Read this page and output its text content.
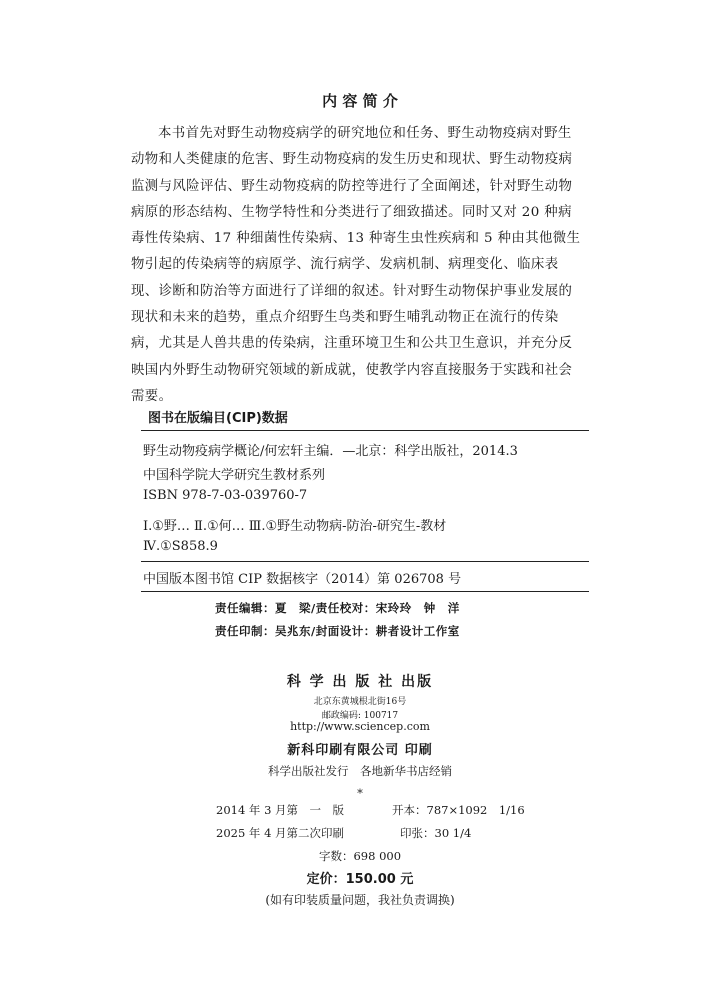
内 容 简 介
本书首先对野生动物疫病学的研究地位和任务、野生动物疫病对野生
动物和人类健康的危害、野生动物疫病的发生历史和现状、野生动物疫病
监测与风险评估、野生动物疫病的防控等进行了全面阐述，针对野生动物
病原的形态结构、生物学特性和分类进行了细致描述。同时又对 20 种病
毒性传染病、17 种细菌性传染病、13 种寄生虫性疾病和 5 种由其他微生
物引起的传染病等的病原学、流行病学、发病机制、病理变化、临床表
现、诊断和防治等方面进行了详细的叙述。针对野生动物保护事业发展的
现状和未来的趋势，重点介绍野生鸟类和野生哺乳动物正在流行的传染
病，尤其是人兽共患的传染病，注重环境卫生和公共卫生意识，并充分反
映国内外野生动物研究领域的新成就，使教学内容直接服务于实践和社会
需要。
图书在版编目(CIP)数据
野生动物疫病学概论/何宏轩主编．—北京：科学出版社，2014.3
中国科学院大学研究生教材系列
ISBN 978-7-03-039760-7
Ⅰ.①野… Ⅱ.①何… Ⅲ.①野生动物病-防治-研究生-教材
Ⅳ.①S858.9
中国版本图书馆 CIP 数据核字（2014）第 026708 号
责任编辑：夏　梁/责任校对：宋玲玲　钟　洋
责任印制：吴兆东/封面设计：耕者设计工作室
科 学 出 版 社 出版
北京东黄城根北街16号
邮政编码: 100717
http://www.sciencep.com
新科印刷有限公司 印刷
科学出版社发行　各地新华书店经销
*
2014 年 3 月第　一　版	开本：787×1092　1/16
2025 年 4 月第二次印刷	印张：30 1/4
字数：698 000
定价：150.00 元
(如有印装质量问题，我社负责调换)
